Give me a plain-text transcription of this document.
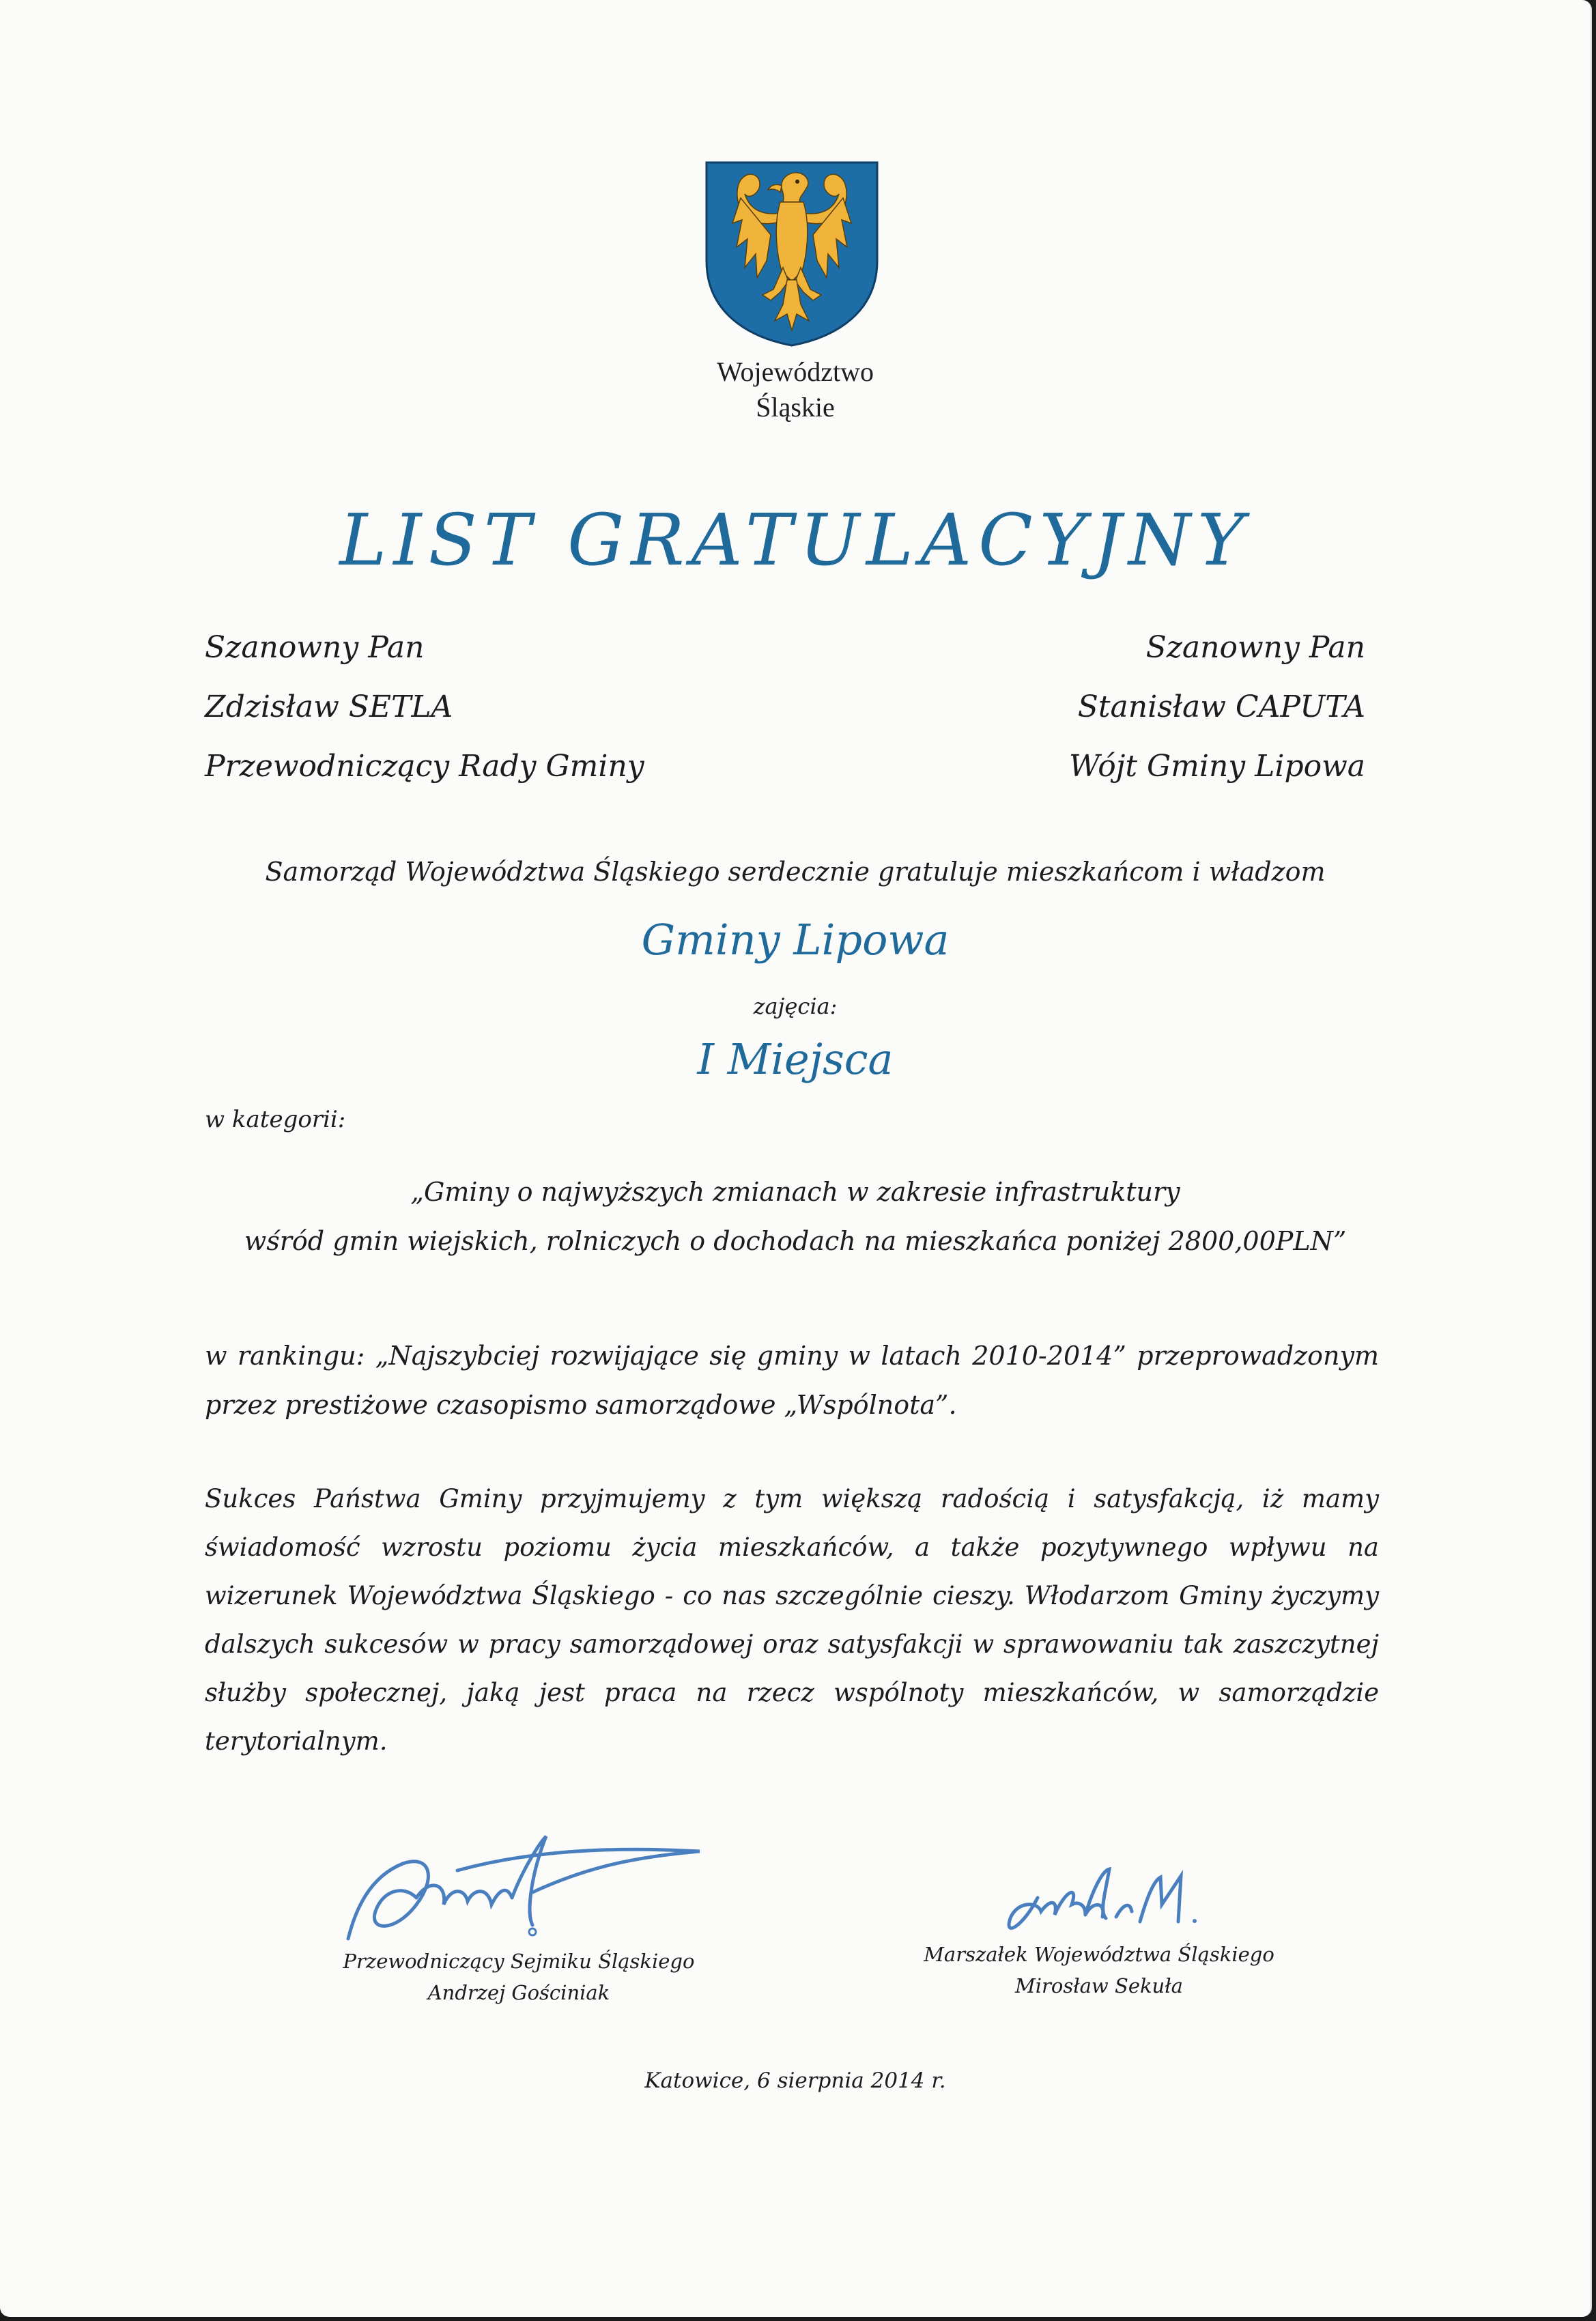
Województwo
Śląskie
LIST GRATULACYJNY
Szanowny Pan
Zdzisław SETLA
Przewodniczący Rady Gminy
Szanowny Pan
Stanisław CAPUTA
Wójt Gminy Lipowa
Samorząd Województwa Śląskiego serdecznie gratuluje mieszkańcom i władzom
Gminy Lipowa
zajęcia:
I Miejsca
w kategorii:
„Gminy o najwyższych zmianach w zakresie infrastruktury
wśród gmin wiejskich, rolniczych o dochodach na mieszkańca poniżej 2800,00PLN”
w rankingu: „Najszybciej rozwijające się gminy w latach 2010-2014” przeprowadzonym przez prestiżowe czasopismo samorządowe „Wspólnota”.
Sukces Państwa Gminy przyjmujemy z tym większą radością i satysfakcją, iż mamy świadomość wzrostu poziomu życia mieszkańców, a także pozytywnego wpływu na wizerunek Województwa Śląskiego - co nas szczególnie cieszy. Włodarzom Gminy życzymy dalszych sukcesów w pracy samorządowej oraz satysfakcji w sprawowaniu tak zaszczytnej służby społecznej, jaką jest praca na rzecz wspólnoty mieszkańców, w samorządzie terytorialnym.
Przewodniczący Sejmiku Śląskiego
Andrzej Gościniak
Marszałek Województwa Śląskiego
Mirosław Sekuła
Katowice, 6 sierpnia 2014 r.
